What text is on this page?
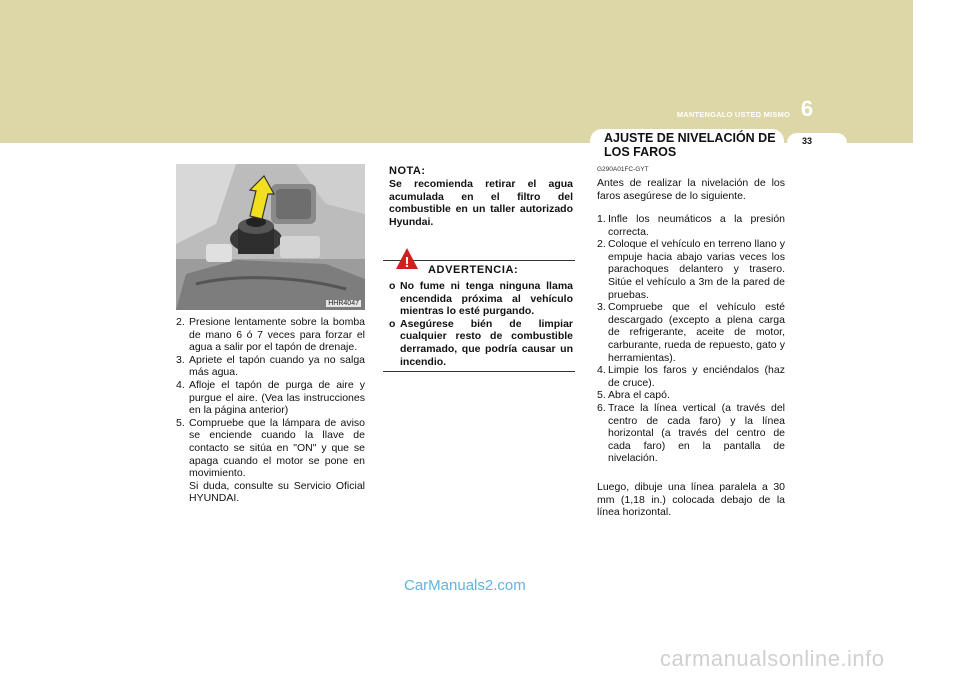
MANTENGALO USTED MISMO 6
AJUSTE DE NIVELACIÓN DE LOS FAROS
33
HHR4047
2. Presione lentamente sobre la bomba de mano 6 ó 7 veces para forzar el agua a salir por el tapón de drenaje.
3. Apriete el tapón cuando ya no salga más agua.
4. Afloje el tapón de purga de aire y purgue el aire. (Vea las instrucciones en la página anterior)
5. Compruebe que la lámpara de aviso se enciende cuando la llave de contacto se sitúa en "ON" y que se apaga cuando el motor se pone en movimiento.
Si duda, consulte su Servicio Oficial HYUNDAI.
NOTA:
Se recomienda retirar el agua acumulada en el filtro del combustible en un taller autorizado Hyundai.
! ADVERTENCIA:
o No fume ni tenga ninguna llama encendida próxima al vehículo mientras lo esté purgando.
o Asegúrese bién de limpiar cualquier resto de combustible derramado, que podría causar un incendio.
G290A01FC-GYT

Antes de realizar la nivelación de los faros asegúrese de lo siguiente.

1. Infle los neumáticos a la presión correcta.
2. Coloque el vehículo en terreno llano y empuje hacia abajo varias veces los parachoques delantero y trasero. Sitúe el vehículo a 3m de la pared de pruebas.
3. Compruebe que el vehículo esté descargado (excepto a plena carga de refrigerante, aceite de motor, carburante, rueda de repuesto, gato y herramientas).
4. Limpie los faros y enciéndalos (haz de cruce).
5. Abra el capó.
6. Trace la línea vertical (a través del centro de cada faro) y la línea horizontal (a través del centro de cada faro) en la pantalla de nivelación.

Luego, dibuje una línea paralela a 30 mm (1,18 in.) colocada debajo de la línea horizontal.

CarManuals2.com
carmanualsonline.info
